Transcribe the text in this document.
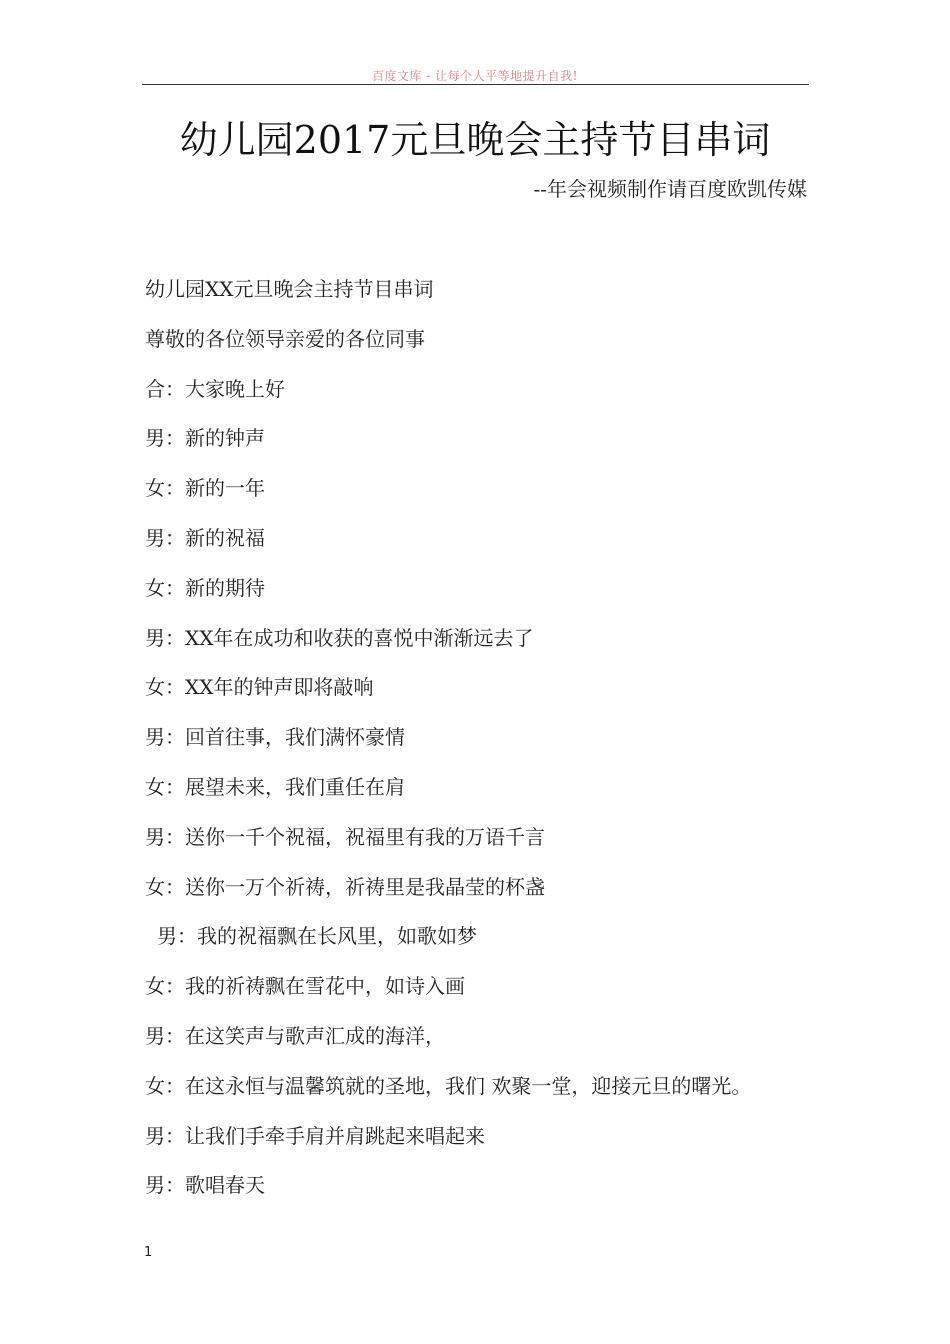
百度文库 - 让每个人平等地提升自我!
幼儿园2017元旦晚会主持节目串词
--年会视频制作请百度欧凯传媒
幼儿园XX元旦晚会主持节目串词
尊敬的各位领导亲爱的各位同事
合：大家晚上好
男：新的钟声
女：新的一年
男：新的祝福
女：新的期待
男：XX年在成功和收获的喜悦中渐渐远去了
女：XX年的钟声即将敲响
男：回首往事，我们满怀豪情
女：展望未来，我们重任在肩
男：送你一千个祝福，祝福里有我的万语千言
女：送你一万个祈祷，祈祷里是我晶莹的杯盏
男：我的祝福飘在长风里，如歌如梦
女：我的祈祷飘在雪花中，如诗入画
男：在这笑声与歌声汇成的海洋，
女：在这永恒与温馨筑就的圣地，我们 欢聚一堂，迎接元旦的曙光。
男：让我们手牵手肩并肩跳起来唱起来
男：歌唱春天
1
